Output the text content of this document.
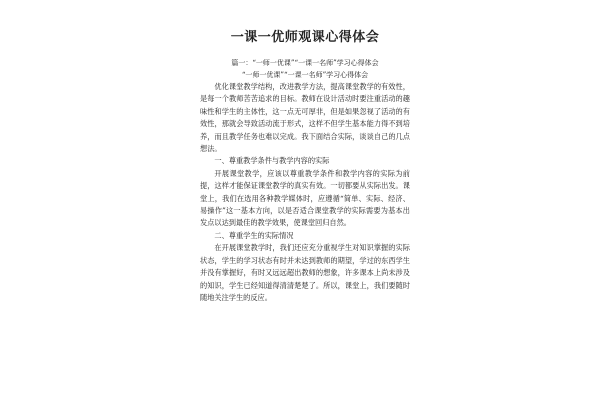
一课一优师观课心得体会
篇一：“一师一优课”“一课一名师”学习心得体会
“一师一优课”“一课一名师”学习心得体会

优化课堂教学结构，改进教学方法，提高课堂教学的有效性，是每一个教师苦苦追求的目标。教师在设计活动时要注重活动的趣味性和学生的主体性，这一点无可厚非，但是如果忽视了活动的有效性，那就会导致活动流于形式，这样不但学生基本能力得不到培养，而且教学任务也难以完成。我下面结合实际，谈谈自己的几点想法。

一、尊重教学条件与教学内容的实际

开展课堂教学，应该以尊重教学条件和教学内容的实际为前提，这样才能保证课堂教学的真实有效。一切都要从实际出发。课堂上，我们在选用各种教学媒体时，应遵循“简单、实际、经济、易操作”这一基本方向，以是否适合课堂教学的实际需要为基本出发点以达到最佳的教学效果，使课堂回归自然。

二、尊重学生的实际情况

在开展课堂教学时，我们还应充分重视学生对知识掌握的实际状态，学生的学习状态有时并未达到教师的期望，学过的东西学生并没有掌握好，有时又远远超出教师的想象，许多课本上尚未涉及的知识，学生已经知道得清清楚楚了。所以，课堂上，我们要随时随地关注学生的反应。
